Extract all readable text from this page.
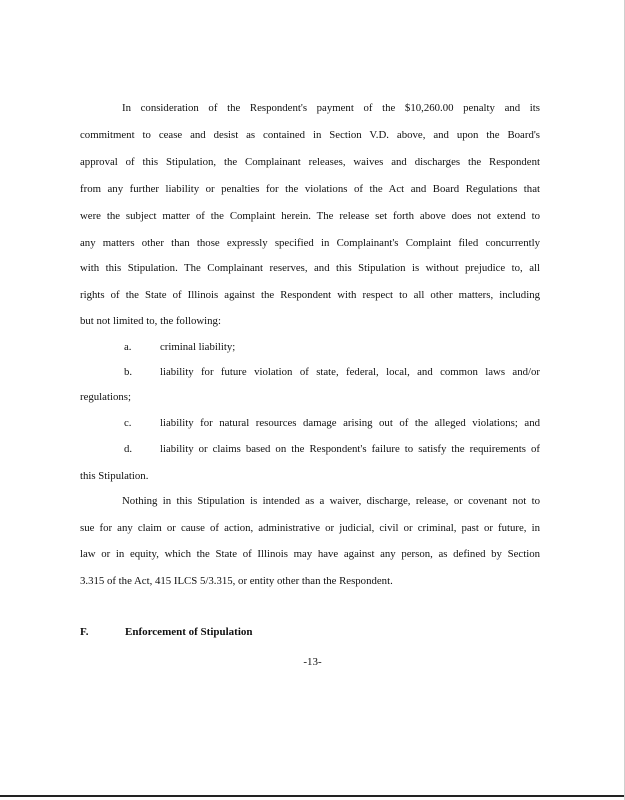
In consideration of the Respondent's payment of the $10,260.00 penalty and its
commitment to cease and desist as contained in Section V.D. above, and upon the Board's
approval of this Stipulation, the Complainant releases, waives and discharges the Respondent
from any further liability or penalties for the violations of the Act and Board Regulations that
were the subject matter of the Complaint herein. The release set forth above does not extend to
any matters other than those expressly specified in Complainant's Complaint filed concurrently
with this Stipulation. The Complainant reserves, and this Stipulation is without prejudice to, all
rights of the State of Illinois against the Respondent with respect to all other matters, including
but not limited to, the following:
a.	criminal liability;
b.	liability for future violation of state, federal, local, and common laws and/or
regulations;
c.	liability for natural resources damage arising out of the alleged violations; and
d.	liability or claims based on the Respondent's failure to satisfy the requirements of
this Stipulation.
Nothing in this Stipulation is intended as a waiver, discharge, release, or covenant not to
sue for any claim or cause of action, administrative or judicial, civil or criminal, past or future, in
law or in equity, which the State of Illinois may have against any person, as defined by Section
3.315 of the Act, 415 ILCS 5/3.315, or entity other than the Respondent.
F.	Enforcement of Stipulation
-13-
